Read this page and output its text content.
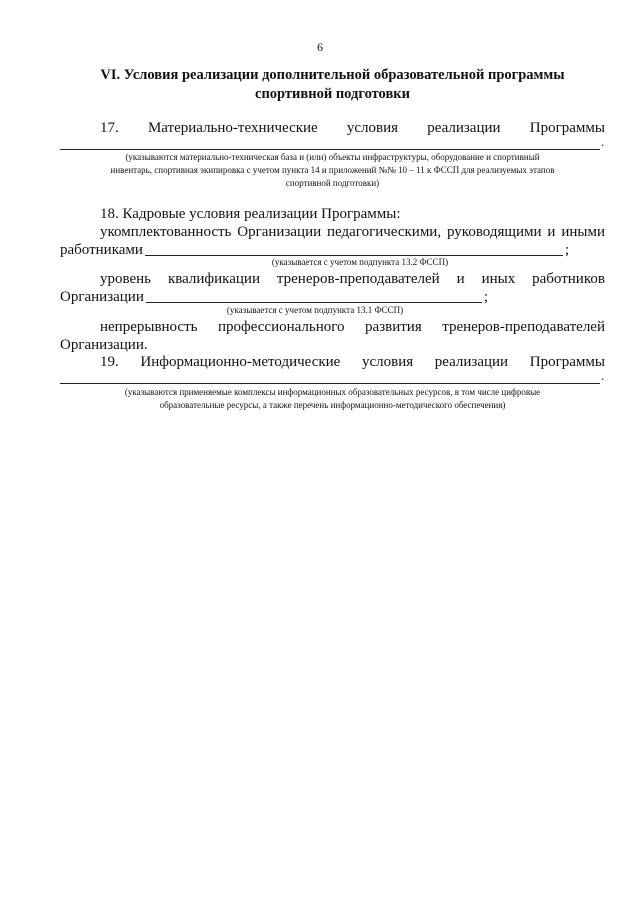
6
VI. Условия реализации дополнительной образовательной программы
спортивной подготовки
17. Материально-технические условия реализации Программы
.
(указываются материально-техническая база и (или) объекты инфраструктуры, оборудование и спортивный
инвентарь, спортивная экипировка с учетом пункта 14 и приложений №№ 10 – 11 к ФССП для реализуемых этапов
спортивной подготовки)
18. Кадровые условия реализации Программы:
укомплектованность Организации педагогическими, руководящими и иными
работниками	;
(указывается с учетом подпункта 13.2 ФССП)
уровень квалификации тренеров-преподавателей и иных работников
Организации	;
(указывается с учетом подпункта 13.1 ФССП)
непрерывность профессионального развития тренеров-преподавателей
Организации.
19. Информационно-методические условия реализации Программы
.
(указываются применяемые комплексы информационных образовательных ресурсов, в том числе цифровые
образовательные ресурсы, а также перечень информационно-методического обеспечения)
